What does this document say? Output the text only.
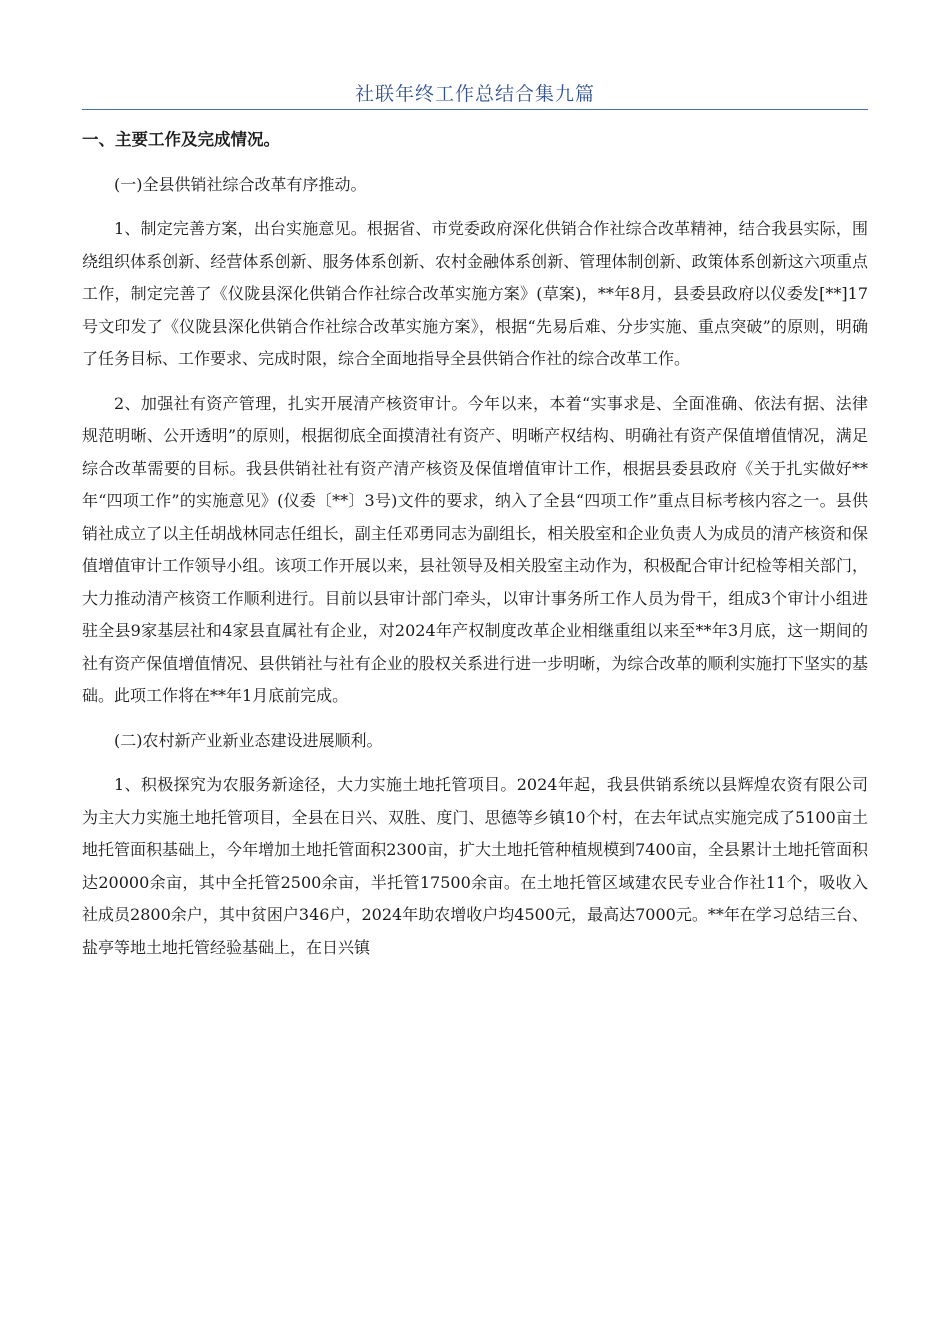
社联年终工作总结合集九篇

一、主要工作及完成情况。

(一)全县供销社综合改革有序推动。

1、制定完善方案，出台实施意见。根据省、市党委政府深化供销合作社综合改革精神，结合我县实际，围绕组织体系创新、经营体系创新、服务体系创新、农村金融体系创新、管理体制创新、政策体系创新这六项重点工作，制定完善了《仪陇县深化供销合作社综合改革实施方案》(草案)，**年8月，县委县政府以仪委发[**]17号文印发了《仪陇县深化供销合作社综合改革实施方案》，根据“先易后难、分步实施、重点突破”的原则，明确了任务目标、工作要求、完成时限，综合全面地指导全县供销合作社的综合改革工作。

2、加强社有资产管理，扎实开展清产核资审计。今年以来，本着“实事求是、全面准确、依法有据、法律规范明晰、公开透明”的原则，根据彻底全面摸清社有资产、明晰产权结构、明确社有资产保值增值情况，满足综合改革需要的目标。我县供销社社有资产清产核资及保值增值审计工作，根据县委县政府《关于扎实做好**年“四项工作”的实施意见》(仪委〔**〕3号)文件的要求，纳入了全县“四项工作”重点目标考核内容之一。县供销社成立了以主任胡战林同志任组长，副主任邓勇同志为副组长，相关股室和企业负责人为成员的清产核资和保值增值审计工作领导小组。该项工作开展以来，县社领导及相关股室主动作为，积极配合审计纪检等相关部门，大力推动清产核资工作顺利进行。目前以县审计部门牵头，以审计事务所工作人员为骨干，组成3个审计小组进驻全县9家基层社和4家县直属社有企业，对2024年产权制度改革企业相继重组以来至**年3月底，这一期间的社有资产保值增值情况、县供销社与社有企业的股权关系进行进一步明晰，为综合改革的顺利实施打下坚实的基础。此项工作将在**年1月底前完成。

(二)农村新产业新业态建设进展顺利。

1、积极探究为农服务新途径，大力实施土地托管项目。2024年起，我县供销系统以县辉煌农资有限公司为主大力实施土地托管项目，全县在日兴、双胜、度门、思德等乡镇10个村，在去年试点实施完成了5100亩土地托管面积基础上，今年增加土地托管面积2300亩，扩大土地托管种植规模到7400亩，全县累计土地托管面积达20000余亩，其中全托管2500余亩，半托管17500余亩。在土地托管区域建农民专业合作社11个，吸收入社成员2800余户，其中贫困户346户，2024年助农增收户均4500元，最高达7000元。**年在学习总结三台、盐亭等地土地托管经验基础上，在日兴镇
